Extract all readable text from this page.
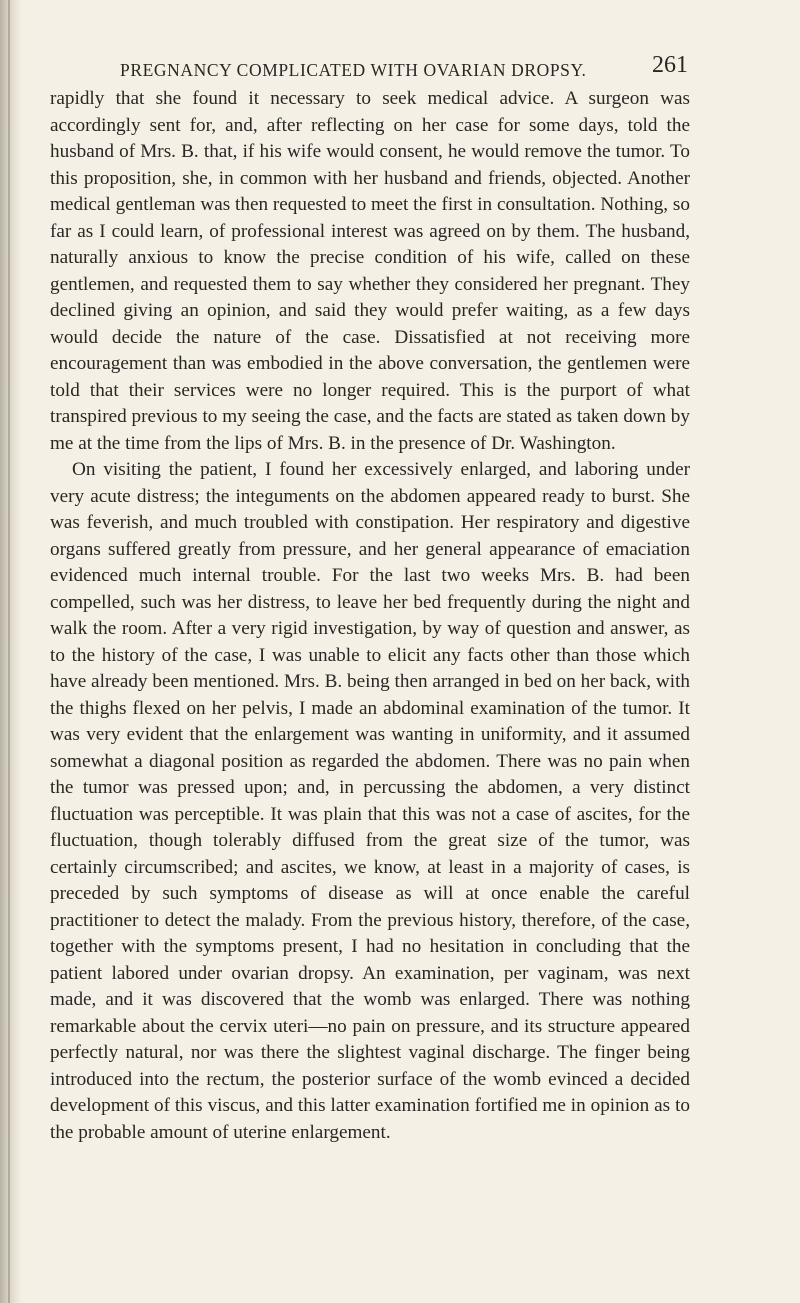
PREGNANCY COMPLICATED WITH OVARIAN DROPSY.	261

rapidly that she found it necessary to seek medical advice. A surgeon was accordingly sent for, and, after reflecting on her case for some days, told the husband of Mrs. B. that, if his wife would consent, he would remove the tumor. To this proposition, she, in common with her husband and friends, objected. Another medical gentleman was then requested to meet the first in consultation. Nothing, so far as I could learn, of professional interest was agreed on by them. The husband, naturally anxious to know the precise condition of his wife, called on these gentlemen, and requested them to say whether they considered her pregnant. They declined giving an opinion, and said they would prefer waiting, as a few days would decide the nature of the case. Dissatisfied at not receiving more encouragement than was embodied in the above conversation, the gentlemen were told that their services were no longer required. This is the purport of what transpired previous to my seeing the case, and the facts are stated as taken down by me at the time from the lips of Mrs. B. in the presence of Dr. Washington.

On visiting the patient, I found her excessively enlarged, and laboring under very acute distress; the integuments on the abdomen appeared ready to burst. She was feverish, and much troubled with constipation. Her respiratory and digestive organs suffered greatly from pressure, and her general appearance of emaciation evidenced much internal trouble. For the last two weeks Mrs. B. had been compelled, such was her distress, to leave her bed frequently during the night and walk the room. After a very rigid investigation, by way of question and answer, as to the history of the case, I was unable to elicit any facts other than those which have already been mentioned. Mrs. B. being then arranged in bed on her back, with the thighs flexed on her pelvis, I made an abdominal examination of the tumor. It was very evident that the enlargement was wanting in uniformity, and it assumed somewhat a diagonal position as regarded the abdomen. There was no pain when the tumor was pressed upon; and, in percussing the abdomen, a very distinct fluctuation was perceptible. It was plain that this was not a case of ascites, for the fluctuation, though tolerably diffused from the great size of the tumor, was certainly circumscribed; and ascites, we know, at least in a majority of cases, is preceded by such symptoms of disease as will at once enable the careful practitioner to detect the malady. From the previous history, therefore, of the case, together with the symptoms present, I had no hesitation in concluding that the patient labored under ovarian dropsy. An examination, per vaginam, was next made, and it was discovered that the womb was enlarged. There was nothing remarkable about the cervix uteri—no pain on pressure, and its structure appeared perfectly natural, nor was there the slightest vaginal discharge. The finger being introduced into the rectum, the posterior surface of the womb evinced a decided development of this viscus, and this latter examination fortified me in opinion as to the probable amount of uterine enlargement.
